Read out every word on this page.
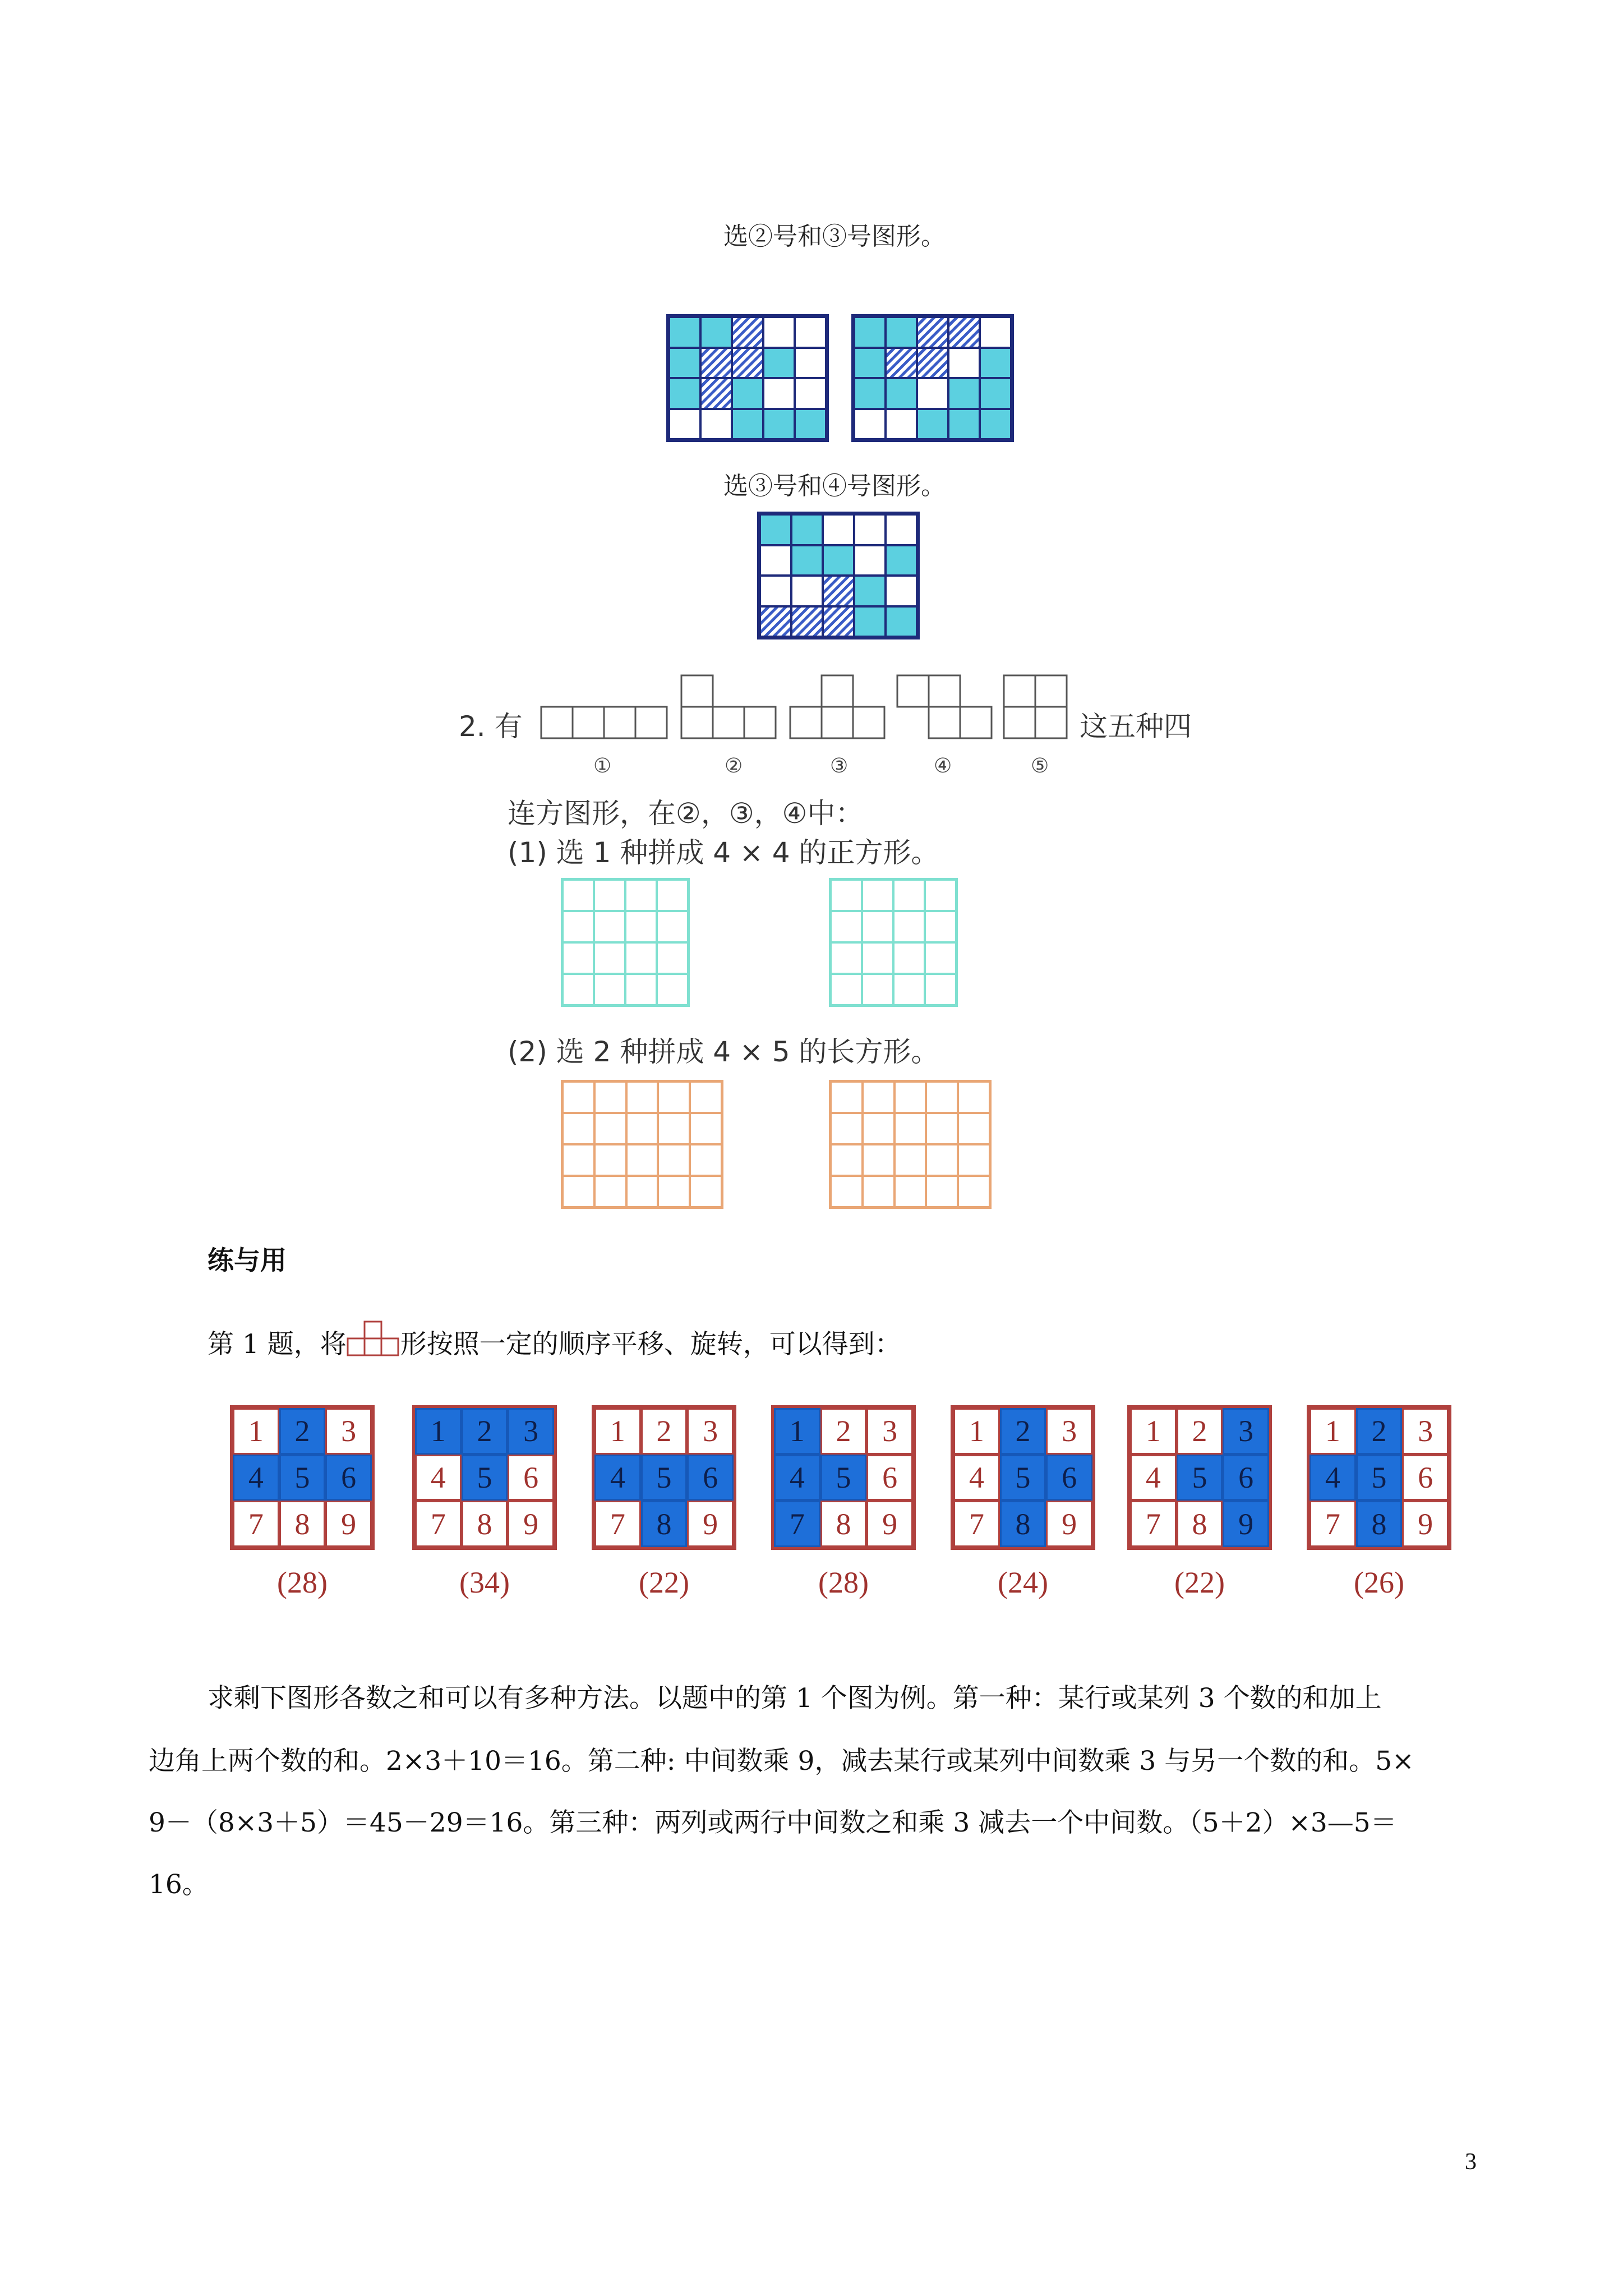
选②号和③号图形。
选③号和④号图形。
2. 有	这五种四
①	②	③	④	⑤
连方图形，在②，③，④中：
(1) 选 1 种拼成 4 × 4 的正方形。
(2) 选 2 种拼成 4 × 5 的长方形。
练与用
第 1 题，将 形按照一定的顺序平移、旋转，可以得到：
1	2	3
4	5	6
7	8	9
(28)
1	2	3
4	5	6
7	8	9
(34)
1	2	3
4	5	6
7	8	9
(22)
1	2	3
4	5	6
7	8	9
(28)
1	2	3
4	5	6
7	8	9
(24)
1	2	3
4	5	6
7	8	9
(22)
1	2	3
4	5	6
7	8	9
(26)
求剩下图形各数之和可以有多种方法。以题中的第 1 个图为例。第一种：某行或某列 3 个数的和加上
边角上两个数的和。2×3＋10＝16。第二种: 中间数乘 9，减去某行或某列中间数乘 3 与另一个数的和。5×
9－（8×3＋5）＝45－29＝16。第三种：两列或两行中间数之和乘 3 减去一个中间数。（5＋2）×3—5＝
16。
3
